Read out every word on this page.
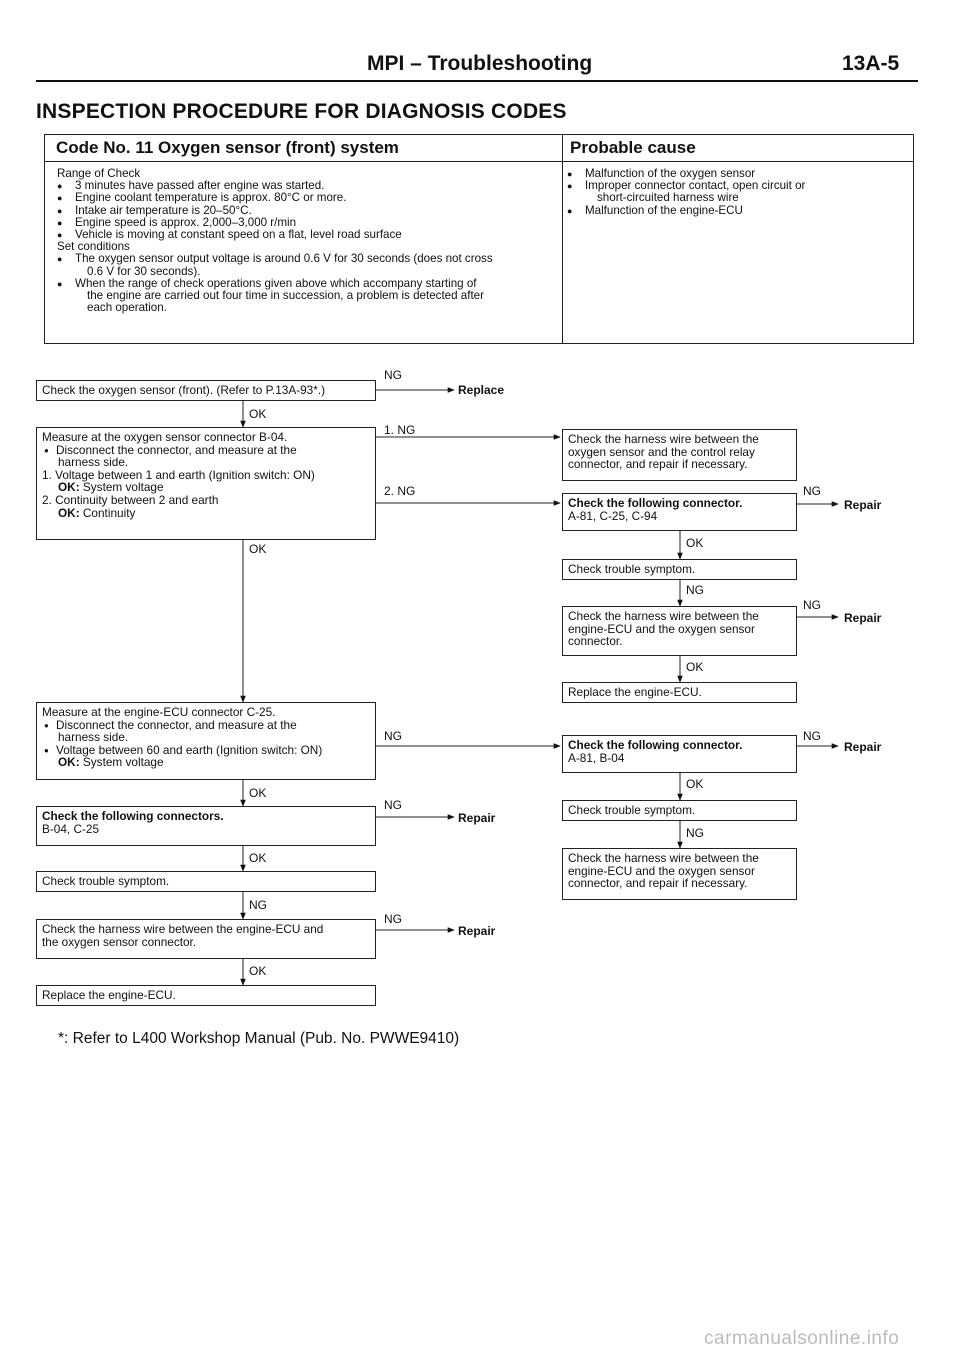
MPI – Troubleshooting	13A-5
INSPECTION PROCEDURE FOR DIAGNOSIS CODES
Code No. 11 Oxygen sensor (front) system	Probable cause
Range of Check
● 3 minutes have passed after engine was started.
● Engine coolant temperature is approx. 80°C or more.
● Intake air temperature is 20–50°C.
● Engine speed is approx. 2,000–3,000 r/min
● Vehicle is moving at constant speed on a flat, level road surface
Set conditions
● The oxygen sensor output voltage is around 0.6 V for 30 seconds (does not cross
0.6 V for 30 seconds).
● When the range of check operations given above which accompany starting of
the engine are carried out four time in succession, a problem is detected after
each operation.
● Malfunction of the oxygen sensor
● Improper connector contact, open circuit or
short-circuited harness wire
● Malfunction of the engine-ECU
Check the oxygen sensor (front). (Refer to P.13A-93*.)
Measure at the oxygen sensor connector B-04.
● Disconnect the connector, and measure at the
harness side.
1. Voltage between 1 and earth (Ignition switch: ON)
OK: System voltage
2. Continuity between 2 and earth
OK: Continuity
Measure at the engine-ECU connector C-25.
● Disconnect the connector, and measure at the
harness side.
● Voltage between 60 and earth (Ignition switch: ON)
OK: System voltage
Check the following connectors.
B-04, C-25
Check trouble symptom.
Check the harness wire between the engine-ECU and
the oxygen sensor connector.
Replace the engine-ECU.
Check the harness wire between the
oxygen sensor and the control relay
connector, and repair if necessary.
Check the following connector.
A-81, C-25, C-94
Check trouble symptom.
Check the harness wire between the
engine-ECU and the oxygen sensor
connector.
Replace the engine-ECU.
Check the following connector.
A-81, B-04
Check trouble symptom.
Check the harness wire between the
engine-ECU and the oxygen sensor
connector, and repair if necessary.
NG
Replace
OK
1. NG
2. NG
OK
NG
Repair
OK
NG
NG
Repair
OK
NG	NG
Repair
OK
OK
NG
Repair
NG
OK
NG
NG
Repair
OK
*: Refer to L400 Workshop Manual (Pub. No. PWWE9410)
carmanualsonline.info
